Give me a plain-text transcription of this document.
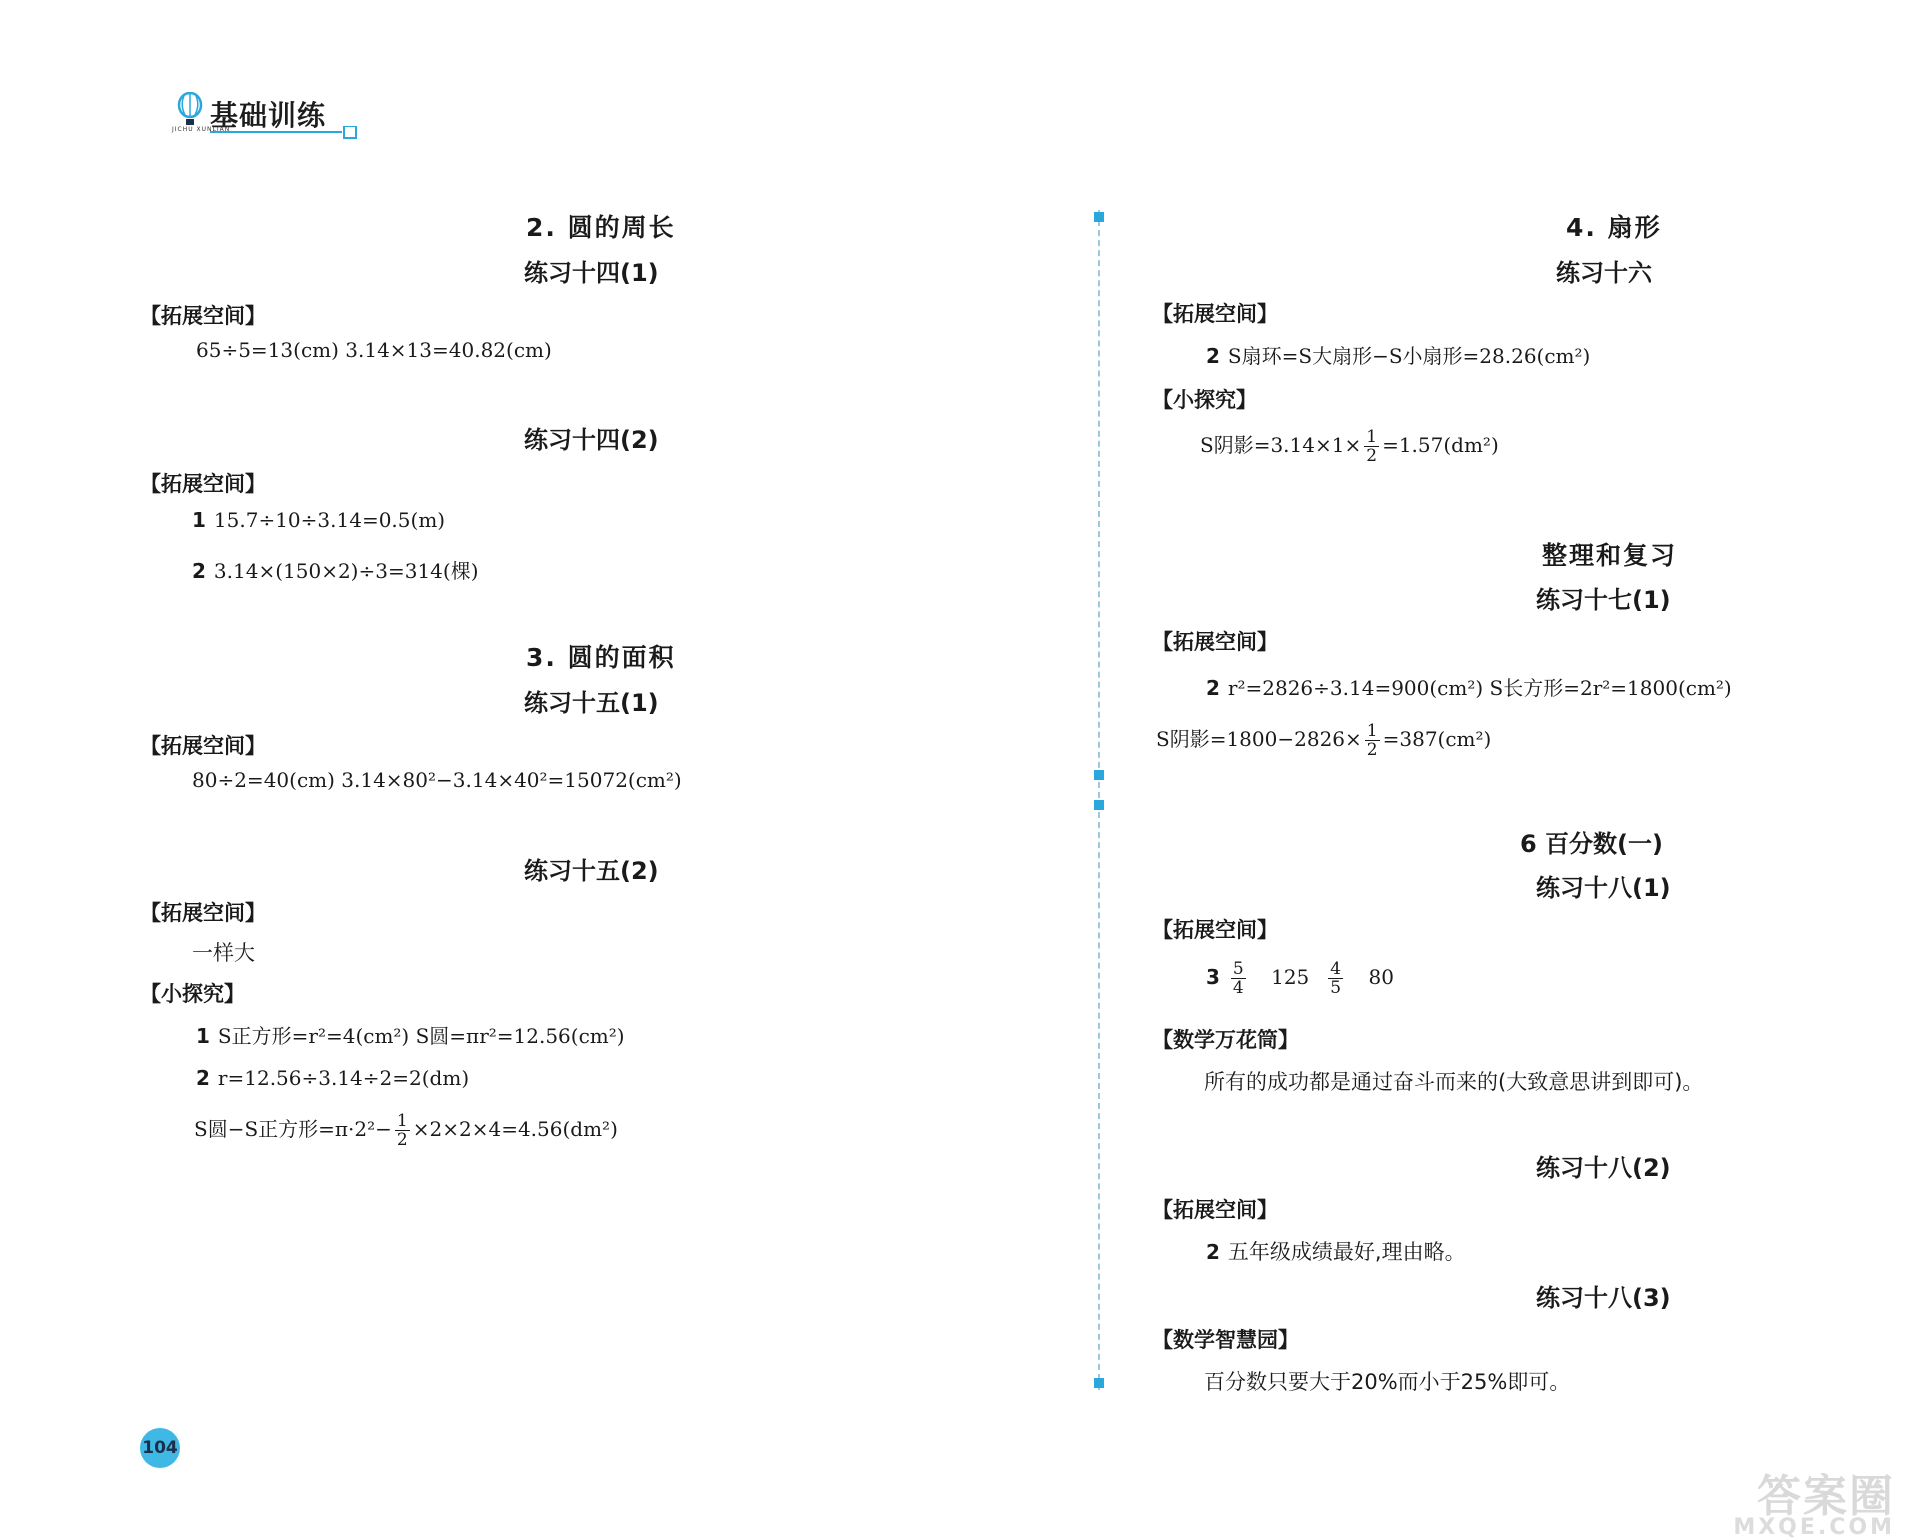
基础训练
JICHU XUNLIAN
2. 圆的周长
练习十四(1)
【拓展空间】
65÷5=13(cm) 3.14×13=40.82(cm)
练习十四(2)
【拓展空间】
1 15.7÷10÷3.14=0.5(m)
2 3.14×(150×2)÷3=314(棵)
3. 圆的面积
练习十五(1)
【拓展空间】
80÷2=40(cm) 3.14×80²−3.14×40²=15072(cm²)
练习十五(2)
【拓展空间】
一样大
【小探究】
1 S正方形=r²=4(cm²) S圆=πr²=12.56(cm²)
2 r=12.56÷3.14÷2=2(dm)
S圆−S正方形$=\pi\cdot 2^2- \frac{1}{2} \times 2\times 2\times 4=4.56(dm^2)$
4. 扇形
练习十六
【拓展空间】
2 S扇环=S大扇形−S小扇形=28.26(cm²)
【小探究】
S阴影$=3.14\times 1\times \frac{1}{2} =1.57(dm^2)$
整理和复习
练习十七(1)
【拓展空间】
2 r²=2826÷3.14=900(cm²) S长方形=2r²=1800(cm²)
S阴影$=1800-2826\times \frac{1}{2} =387(cm^2)$
6 百分数(一)
练习十八(1)
【拓展空间】
$3 \frac{5}{4} 125 \frac{4}{5} 80$
【数学万花筒】
所有的成功都是通过奋斗而来的(大致意思讲到即可)。
练习十八(2)
【拓展空间】
2 五年级成绩最好,理由略。
练习十八(3)
【数学智慧园】
百分数只要大于20%而小于25%即可。
104
答案圈
MXQE.COM
